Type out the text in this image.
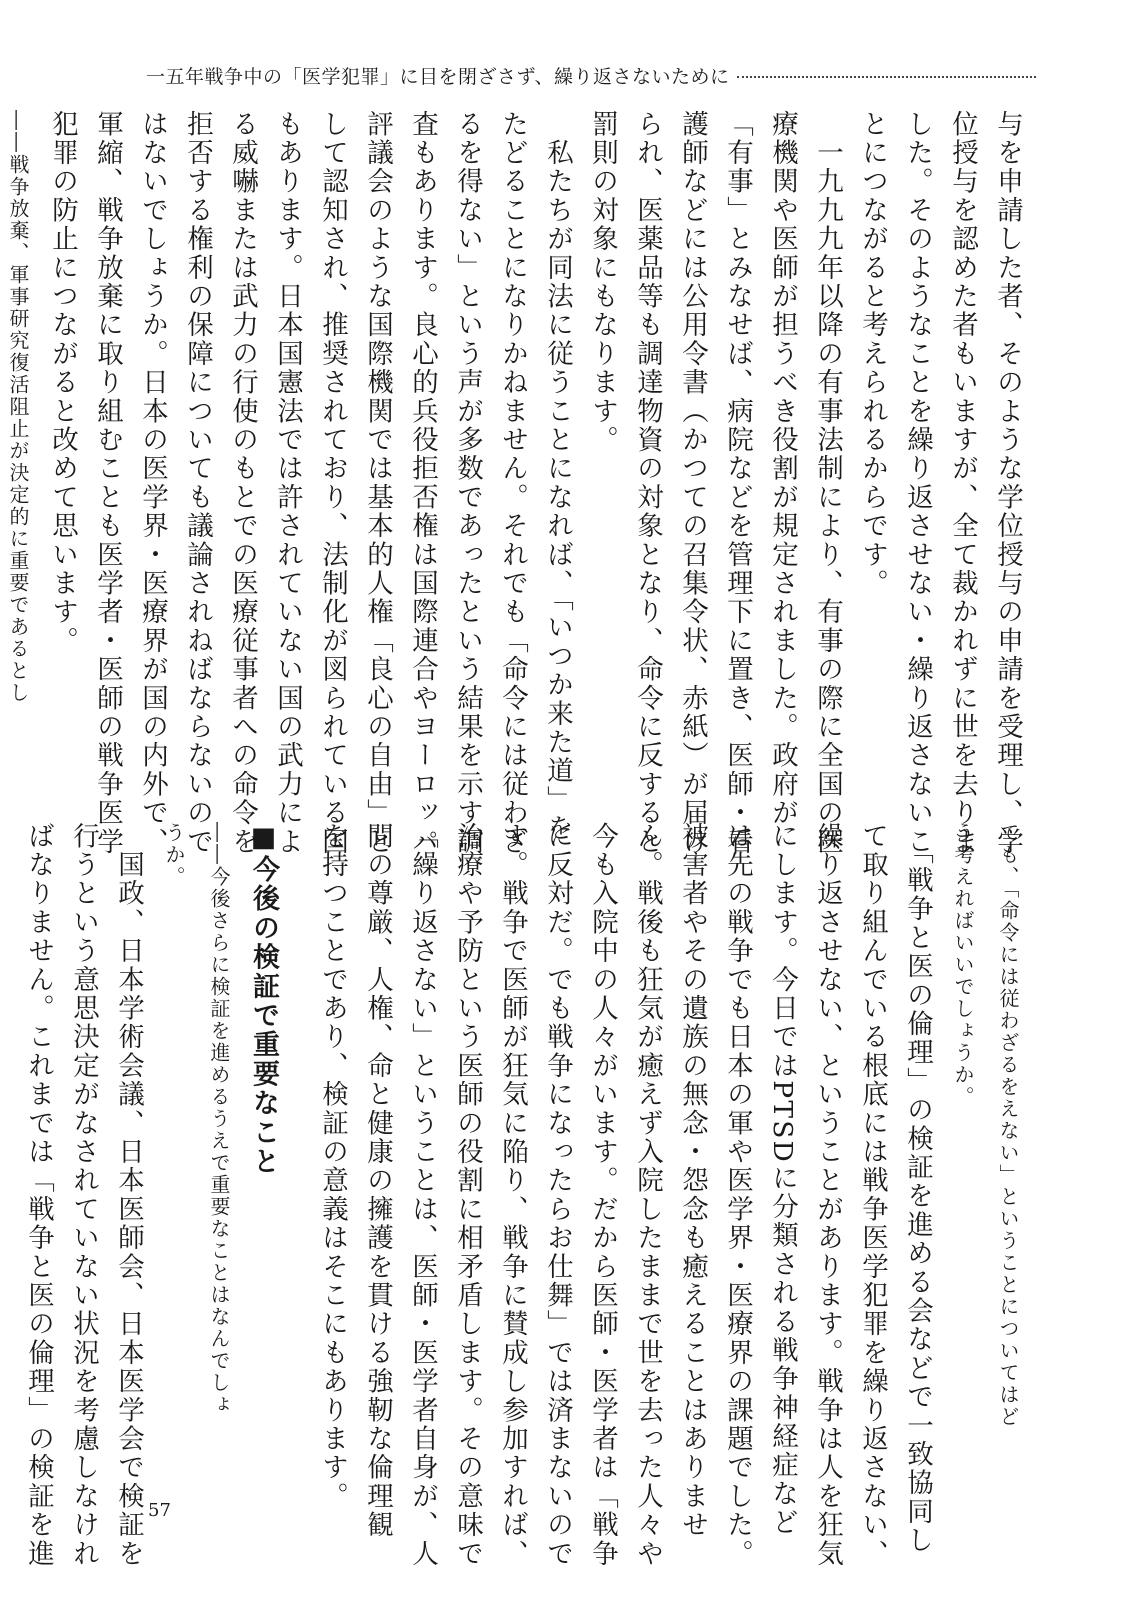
一五年戦争中の「医学犯罪」に目を閉ざさず、繰り返さないために
与を申請した者、そのような学位授与の申請を受理し、学
位授与を認めた者もいますが、全て裁かれずに世を去りま
した。そのようなことを繰り返させない・繰り返さないこ
とにつながると考えられるからです。
　一九九九年以降の有事法制により、有事の際に全国の医
療機関や医師が担うべき役割が規定されました。政府が
「有事」とみなせば、病院などを管理下に置き、医師・看
護師などには公用令書（かつての召集令状、赤紙）が届け
られ、医薬品等も調達物資の対象となり、命令に反すると
罰則の対象にもなります。
　私たちが同法に従うことになれば、「いつか来た道」を
たどることになりかねません。それでも「命令には従わざ
るを得ない」という声が多数であったという結果を示す調
査もあります。良心的兵役拒否権は国際連合やヨーロッパ
評議会のような国際機関では基本的人権「良心の自由」と
して認知され、推奨されており、法制化が図られている国
もあります。日本国憲法では許されていない国の武力によ
る威嚇または武力の行使のもとでの医療従事者への命令を
拒否する権利の保障についても議論されねばならないので
はないでしょうか。日本の医学界・医療界が国の内外で、
軍縮、戦争放棄に取り組むことも医学者・医師の戦争医学
犯罪の防止につながると改めて思います。
――戦争放棄、軍事研究復活阻止が決定的に重要であるとし
ても、「命令には従わざるをえない」ということについてはど
う考えればいいでしょうか。
　「戦争と医の倫理」の検証を進める会などで一致協同し
て取り組んでいる根底には戦争医学犯罪を繰り返さない、
繰り返させない、ということがあります。戦争は人を狂気
にします。今日ではPTSDに分類される戦争神経症など
は先の戦争でも日本の軍や医学界・医療界の課題でした。
被害者やその遺族の無念・怨念も癒えることはありませ
ん。戦後も狂気が癒えず入院したままで世を去った人々や
今も入院中の人々がいます。だから医師・医学者は「戦争
に反対だ。でも戦争になったらお仕舞」では済まないので
す。戦争で医師が狂気に陥り、戦争に賛成し参加すれば、
治療や予防という医師の役割に相矛盾します。その意味で
「繰り返さない」ということは、医師・医学者自身が、人
間の尊厳、人権、命と健康の擁護を貫ける強靭な倫理観
を持つことであり、検証の意義はそこにもあります。
■今後の検証で重要なこと
――今後さらに検証を進めるうえで重要なことはなんでしょ
うか。
　国政、日本学術会議、日本医師会、日本医学会で検証を
行うという意思決定がなされていない状況を考慮しなけれ
ばなりません。これまでは「戦争と医の倫理」の検証を進	57
